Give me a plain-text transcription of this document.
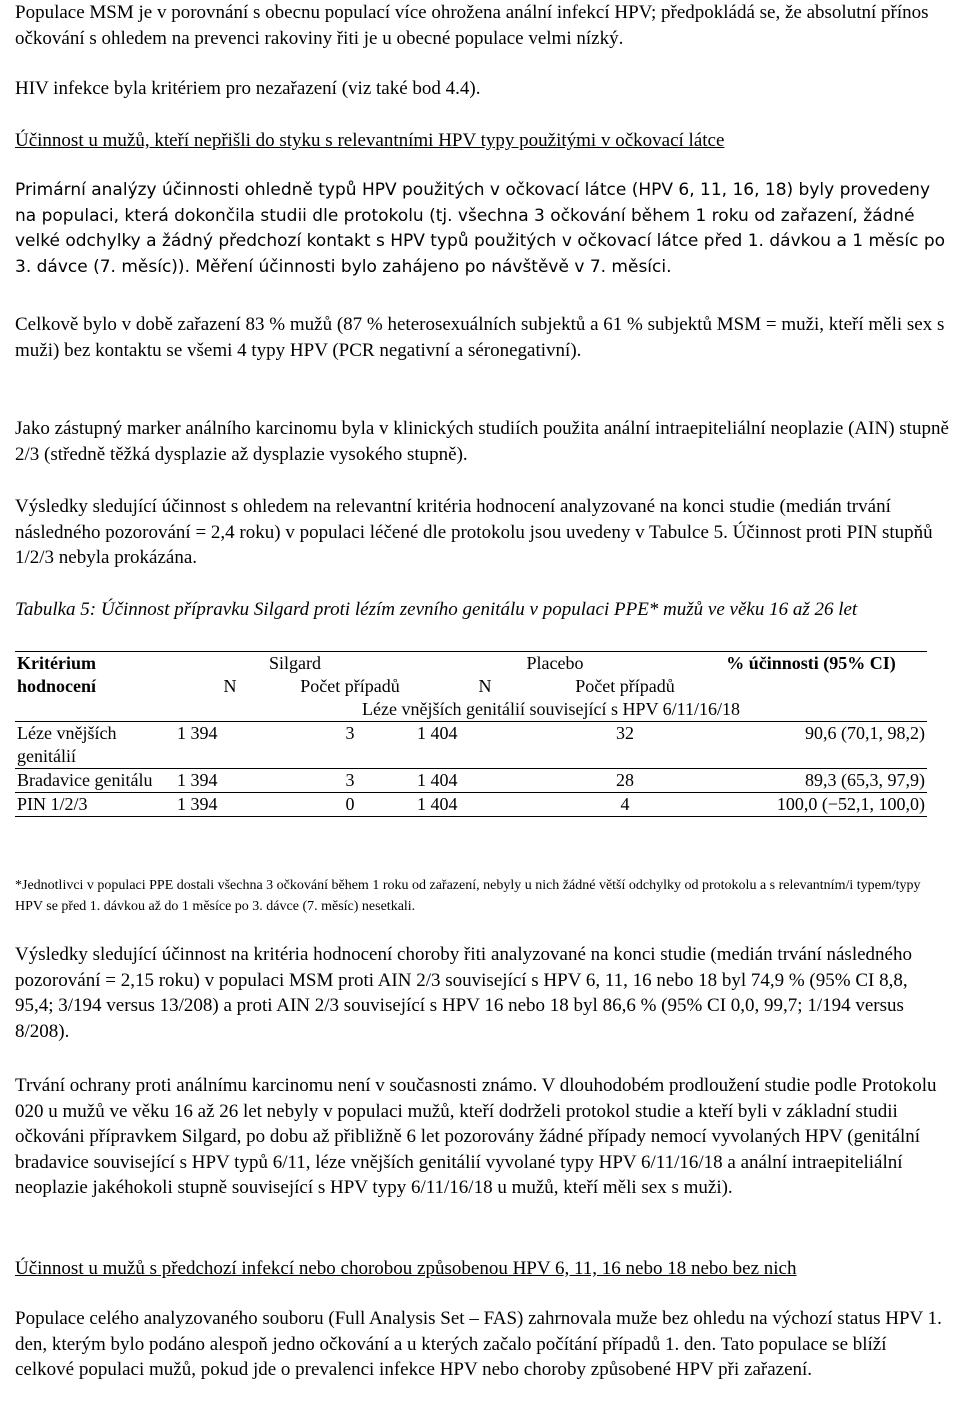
Populace MSM je v porovnání s obecnu populací více ohrožena anální infekcí HPV; předpokládá se, že absolutní přínos očkování s ohledem na prevenci rakoviny řiti je u obecné populace velmi nízký.

HIV infekce byla kritériem pro nezařazení (viz také bod 4.4).

Účinnost u mužů, kteří nepřišli do styku s relevantními HPV typy použitými v očkovací látce

Primární analýzy účinnosti ohledně typů HPV použitých v očkovací látce (HPV 6, 11, 16, 18) byly provedeny na populaci, která dokončila studii dle protokolu (tj. všechna 3 očkování během 1 roku od zařazení, žádné velké odchylky a žádný předchozí kontakt s HPV typů použitých v očkovací látce před 1. dávkou a 1 měsíc po 3. dávce (7. měsíc)). Měření účinnosti bylo zahájeno po návštěvě v 7. měsíci.

Celkově bylo v době zařazení 83 % mužů (87 % heterosexuálních subjektů a 61 % subjektů MSM = muži, kteří měli sex s muži) bez kontaktu se všemi 4 typy HPV (PCR negativní a séronegativní).

Jako zástupný marker análního karcinomu byla v klinických studiích použita anální intraepiteliální neoplazie (AIN) stupně 2/3 (středně těžká dysplazie až dysplazie vysokého stupně).

Výsledky sledující účinnost s ohledem na relevantní kritéria hodnocení analyzované na konci studie (medián trvání následného pozorování = 2,4 roku) v populaci léčené dle protokolu jsou uvedeny v Tabulce 5. Účinnost proti PIN stupňů 1/2/3 nebyla prokázána.

Tabulka 5: Účinnost přípravku Silgard proti lézím zevního genitálu v populaci PPE* mužů ve věku 16 až 26 let

Kritérium hodnocení	Silgard		Placebo		% účinnosti (95% CI)
	N	Počet případů	N	Počet případů	
	Léze vnějších genitálií související s HPV 6/11/16/18				
Léze vnějších genitálií	1 394	3	1 404	32	90,6 (70,1, 98,2)
Bradavice genitálu	1 394	3	1 404	28	89,3 (65,3, 97,9)
PIN 1/2/3	1 394	0	1 404	4	100,0 (−52,1, 100,0)

*Jednotlivci v populaci PPE dostali všechna 3 očkování během 1 roku od zařazení, nebyly u nich žádné větší odchylky od protokolu a s relevantním/i typem/typy HPV se před 1. dávkou až do 1 měsíce po 3. dávce (7. měsíc) nesetkali.

Výsledky sledující účinnost na kritéria hodnocení choroby řiti analyzované na konci studie (medián trvání následného pozorování = 2,15 roku) v populaci MSM proti AIN 2/3 související s HPV 6, 11, 16 nebo 18 byl 74,9 % (95% CI 8,8, 95,4; 3/194 versus 13/208) a proti AIN 2/3 související s HPV 16 nebo 18 byl 86,6 % (95% CI 0,0, 99,7; 1/194 versus 8/208).

Trvání ochrany proti análnímu karcinomu není v současnosti známo. V dlouhodobém prodloužení studie podle Protokolu 020 u mužů ve věku 16 až 26 let nebyly v populaci mužů, kteří dodrželi protokol studie a kteří byli v základní studii očkováni přípravkem Silgard, po dobu až přibližně 6 let pozorovány žádné případy nemocí vyvolaných HPV (genitální bradavice související s HPV typů 6/11, léze vnějších genitálií vyvolané typy HPV 6/11/16/18 a anální intraepiteliální neoplazie jakéhokoli stupně související s HPV typy 6/11/16/18 u mužů, kteří měli sex s muži).

Účinnost u mužů s předchozí infekcí nebo chorobou způsobenou HPV 6, 11, 16 nebo 18 nebo bez nich

Populace celého analyzovaného souboru (Full Analysis Set – FAS) zahrnovala muže bez ohledu na výchozí status HPV 1. den, kterým bylo podáno alespoň jedno očkování a u kterých začalo počítání případů 1. den. Tato populace se blíží celkové populaci mužů, pokud jde o prevalenci infekce HPV nebo choroby způsobené HPV při zařazení.
